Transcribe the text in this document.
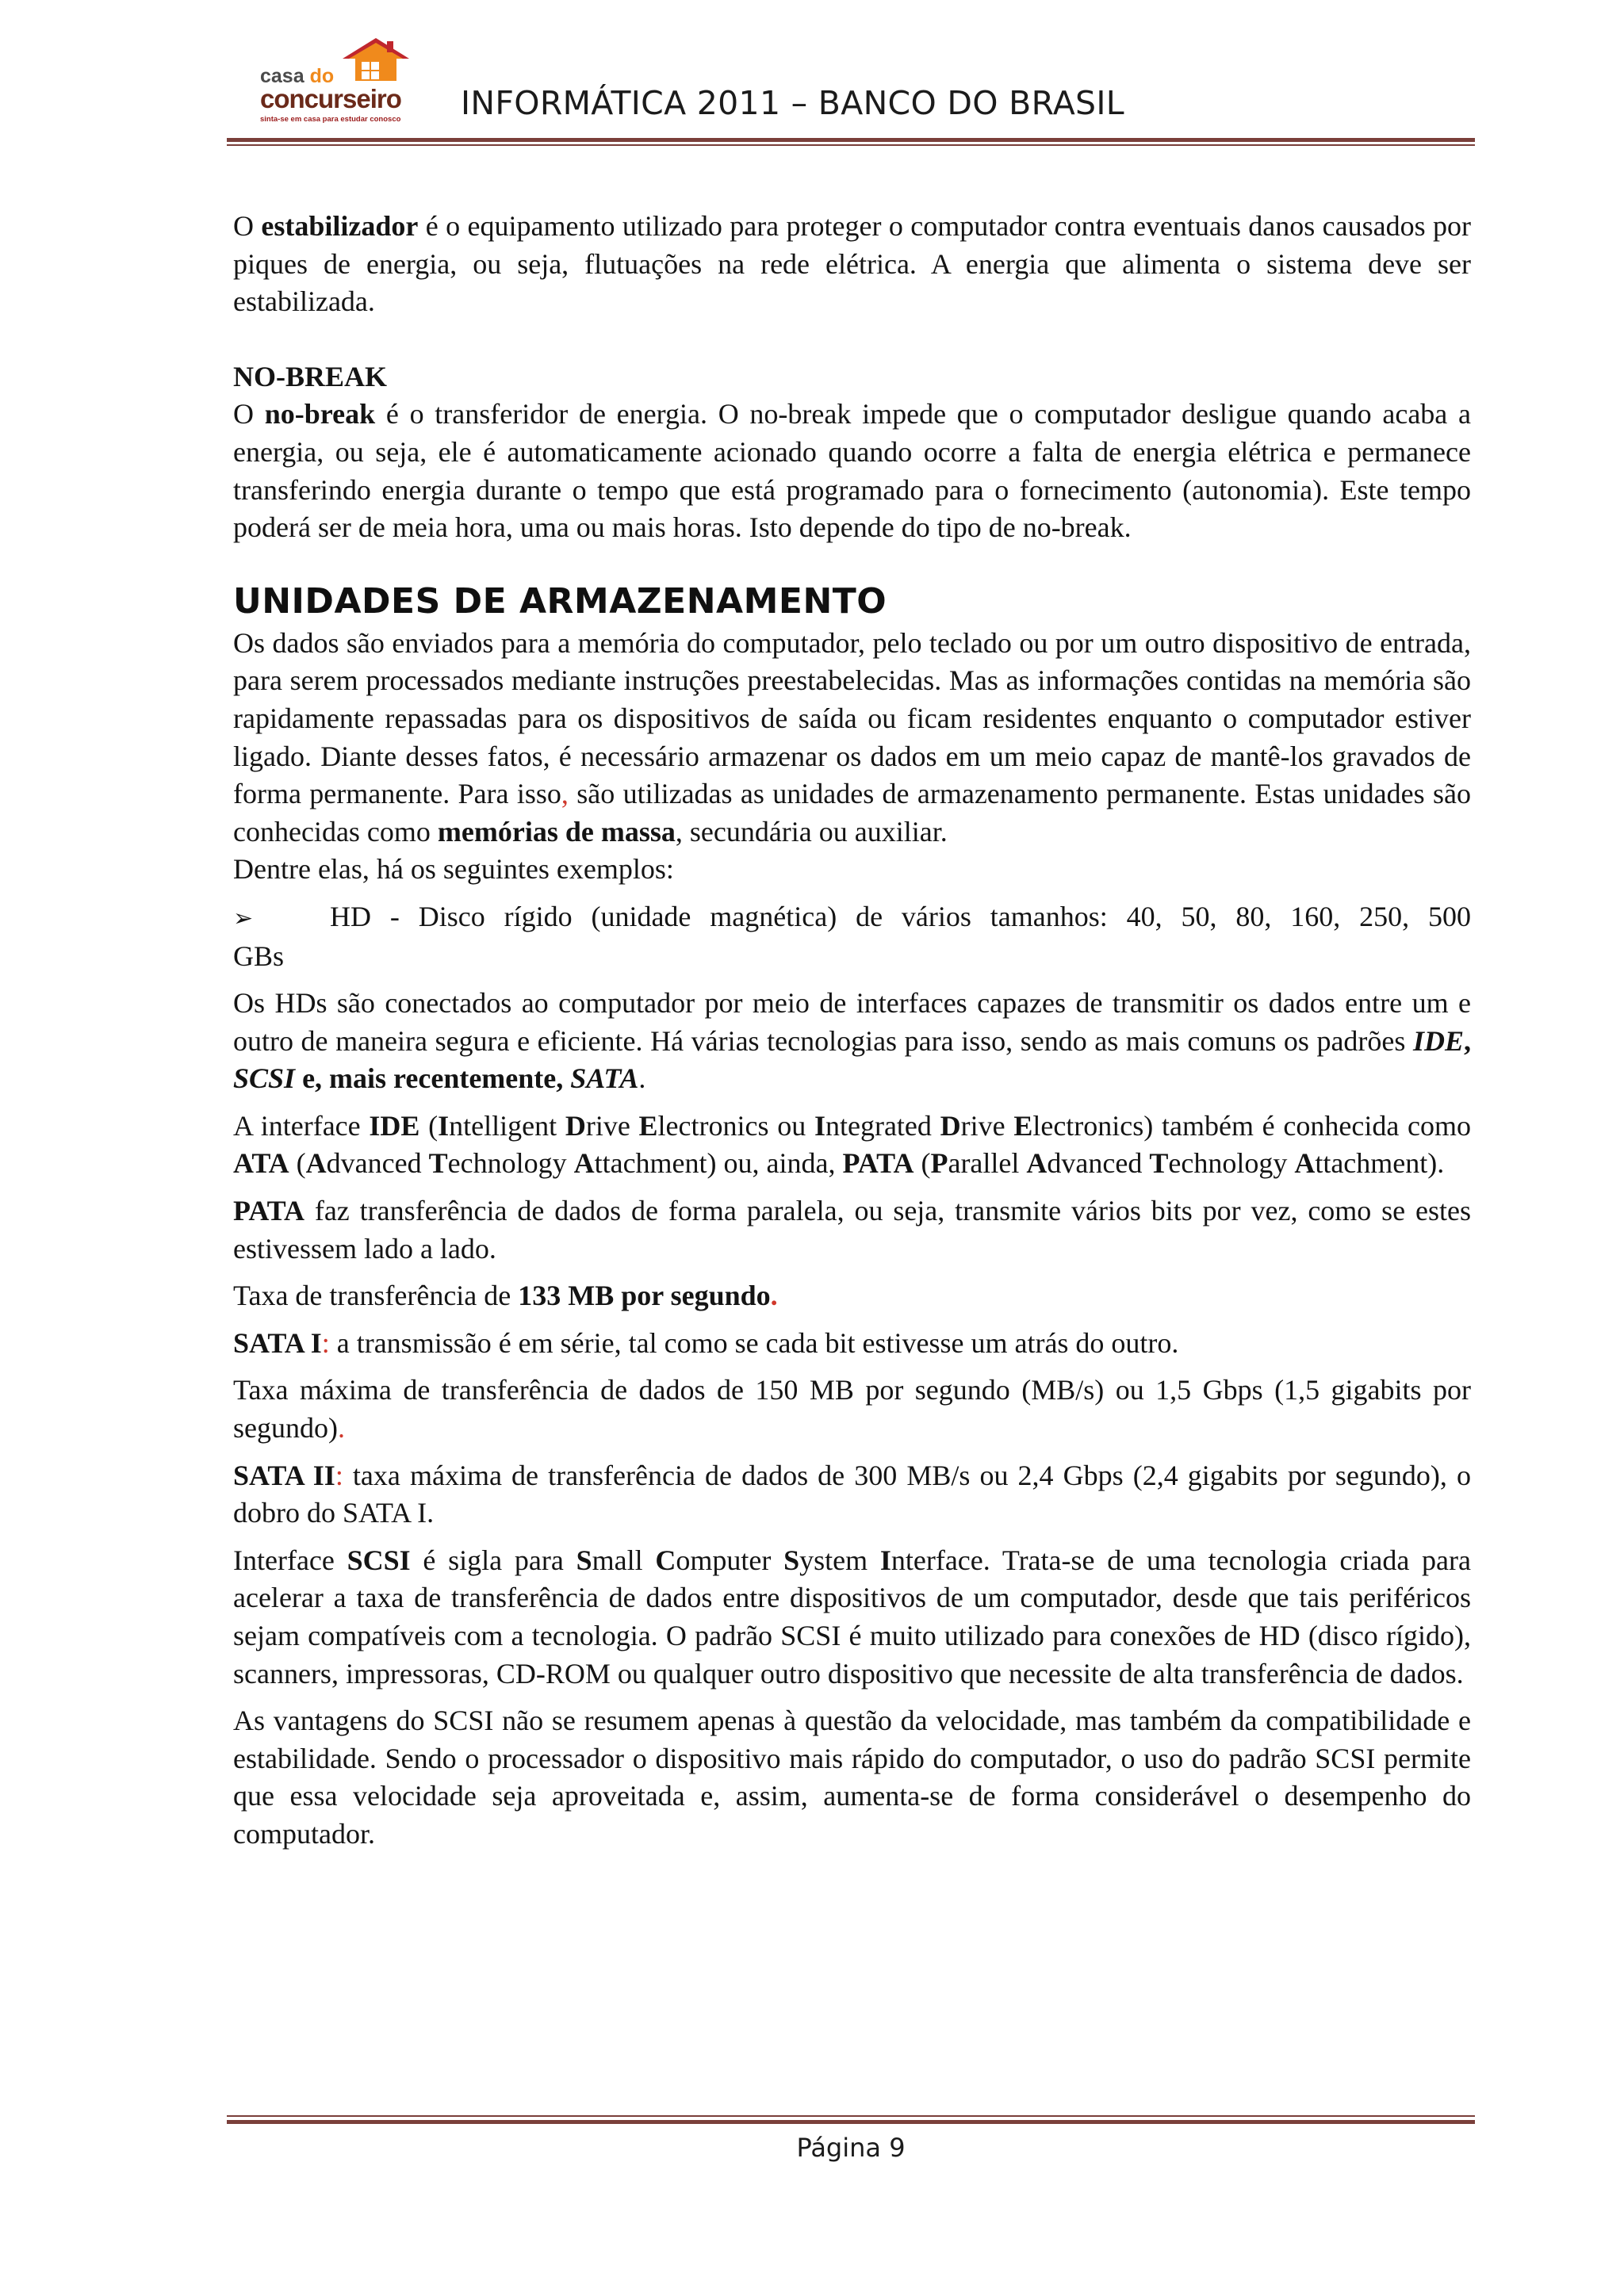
casa do
concurseiro
sinta-se em casa para estudar conosco INFORMÁTICA 2011 – BANCO DO BRASIL

O estabilizador é o equipamento utilizado para proteger o computador contra eventuais danos causados por piques de energia, ou seja, flutuações na rede elétrica. A energia que alimenta o sistema deve ser estabilizada.

NO-BREAK

O no-break é o transferidor de energia. O no-break impede que o computador desligue quando acaba a energia, ou seja, ele é automaticamente acionado quando ocorre a falta de energia elétrica e permanece transferindo energia durante o tempo que está programado para o fornecimento (autonomia). Este tempo poderá ser de meia hora, uma ou mais horas. Isto depende do tipo de no-break.

UNIDADES DE ARMAZENAMENTO

Os dados são enviados para a memória do computador, pelo teclado ou por um outro dispositivo de entrada, para serem processados mediante instruções preestabelecidas. Mas as informações contidas na memória são rapidamente repassadas para os dispositivos de saída ou ficam residentes enquanto o computador estiver ligado. Diante desses fatos, é necessário armazenar os dados em um meio capaz de mantê-los gravados de forma permanente. Para isso, são utilizadas as unidades de armazenamento permanente. Estas unidades são conhecidas como memórias de massa, secundária ou auxiliar.

Dentre elas, há os seguintes exemplos:

➢	HD - Disco rígido (unidade magnética) de vários tamanhos: 40, 50, 80, 160, 250, 500
GBs

Os HDs são conectados ao computador por meio de interfaces capazes de transmitir os dados entre um e outro de maneira segura e eficiente. Há várias tecnologias para isso, sendo as mais comuns os padrões IDE, SCSI e, mais recentemente, SATA.

A interface IDE (Intelligent Drive Electronics ou Integrated Drive Electronics) também é conhecida como ATA (Advanced Technology Attachment) ou, ainda, PATA (Parallel Advanced Technology Attachment).

PATA faz transferência de dados de forma paralela, ou seja, transmite vários bits por vez, como se estes estivessem lado a lado.

Taxa de transferência de 133 MB por segundo.

SATA I: a transmissão é em série, tal como se cada bit estivesse um atrás do outro.

Taxa máxima de transferência de dados de 150 MB por segundo (MB/s) ou 1,5 Gbps (1,5 gigabits por segundo).

SATA II: taxa máxima de transferência de dados de 300 MB/s ou 2,4 Gbps (2,4 gigabits por segundo), o dobro do SATA I.

Interface SCSI é sigla para Small Computer System Interface. Trata-se de uma tecnologia criada para acelerar a taxa de transferência de dados entre dispositivos de um computador, desde que tais periféricos sejam compatíveis com a tecnologia. O padrão SCSI é muito utilizado para conexões de HD (disco rígido), scanners, impressoras, CD-ROM ou qualquer outro dispositivo que necessite de alta transferência de dados.

As vantagens do SCSI não se resumem apenas à questão da velocidade, mas também da compatibilidade e estabilidade. Sendo o processador o dispositivo mais rápido do computador, o uso do padrão SCSI permite que essa velocidade seja aproveitada e, assim, aumenta-se de forma considerável o desempenho do computador.

Página 9
